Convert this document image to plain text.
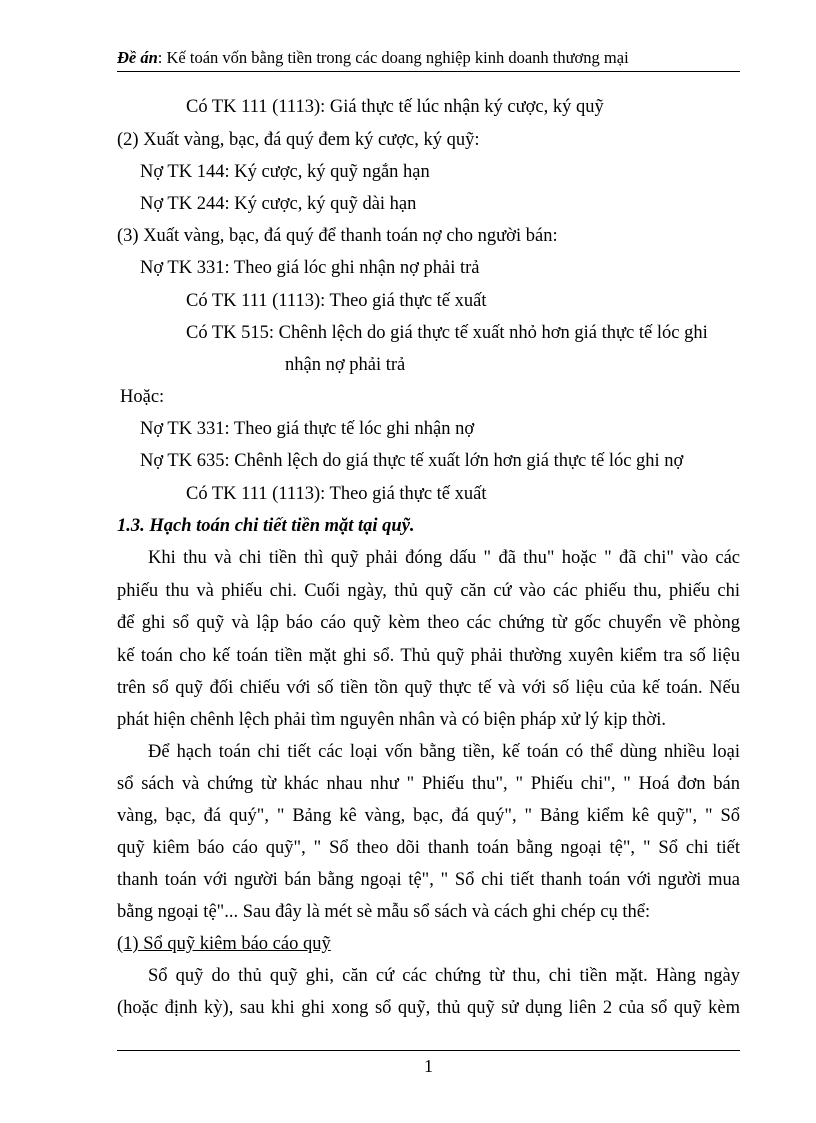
Đề án: Kế toán vốn bằng tiền trong các doang nghiệp kinh doanh thương mại
Có TK 111 (1113): Giá thực tế lúc nhận ký cược, ký quỹ
(2) Xuất vàng, bạc, đá quý đem ký cược, ký quỹ:
Nợ TK 144: Ký cược, ký quỹ ngắn hạn
Nợ TK 244: Ký cược, ký quỹ dài hạn
(3) Xuất vàng, bạc, đá quý để thanh toán nợ cho người bán:
Nợ TK 331: Theo giá lóc ghi nhận nợ phải trả
Có TK 111 (1113): Theo giá thực tế xuất
Có TK 515: Chênh lệch do giá thực tế xuất nhỏ hơn giá thực tế lóc ghi
nhận nợ phải trả
Hoặc:
Nợ TK 331: Theo giá thực tế lóc ghi nhận nợ
Nợ TK 635: Chênh lệch do giá thực tế xuất lớn hơn giá thực tế lóc ghi nợ
Có TK 111 (1113): Theo giá thực tế xuất
1.3. Hạch toán chi tiết tiền mặt tại quỹ.
Khi thu và chi tiền thì quỹ phải đóng dấu " đã thu" hoặc " đã chi" vào các
phiếu thu và phiếu chi. Cuối ngày, thủ quỹ căn cứ vào các phiếu thu, phiếu chi
để ghi sổ quỹ và lập báo cáo quỹ kèm theo các chứng từ gốc chuyển về phòng
kế toán cho kế toán tiền mặt ghi sổ. Thủ quỹ phải thường xuyên kiểm tra số liệu
trên sổ quỹ đối chiếu với số tiền tồn quỹ thực tế và với số liệu của kế toán. Nếu
phát hiện chênh lệch phải tìm nguyên nhân và có biện pháp xử lý kịp thời.
Để hạch toán chi tiết các loại vốn bằng tiền, kế toán có thể dùng nhiều loại
sổ sách và chứng từ khác nhau như " Phiếu thu", " Phiếu chi", " Hoá đơn bán
vàng, bạc, đá quý", " Bảng kê vàng, bạc, đá quý", " Bảng kiểm kê quỹ", " Sổ
quỹ kiêm báo cáo quỹ", " Sổ theo dõi thanh toán bằng ngoại tệ", " Sổ chi tiết
thanh toán với người bán bằng ngoại tệ", " Sổ chi tiết thanh toán với người mua
bằng ngoại tệ"... Sau đây là mét sè mẫu sổ sách và cách ghi chép cụ thể:
(1) Sổ quỹ kiêm báo cáo quỹ
Sổ quỹ do thủ quỹ ghi, căn cứ các chứng từ thu, chi tiền mặt. Hàng ngày
(hoặc định kỳ), sau khi ghi xong sổ quỹ, thủ quỹ sử dụng liên 2 của sổ quỹ kèm
1
